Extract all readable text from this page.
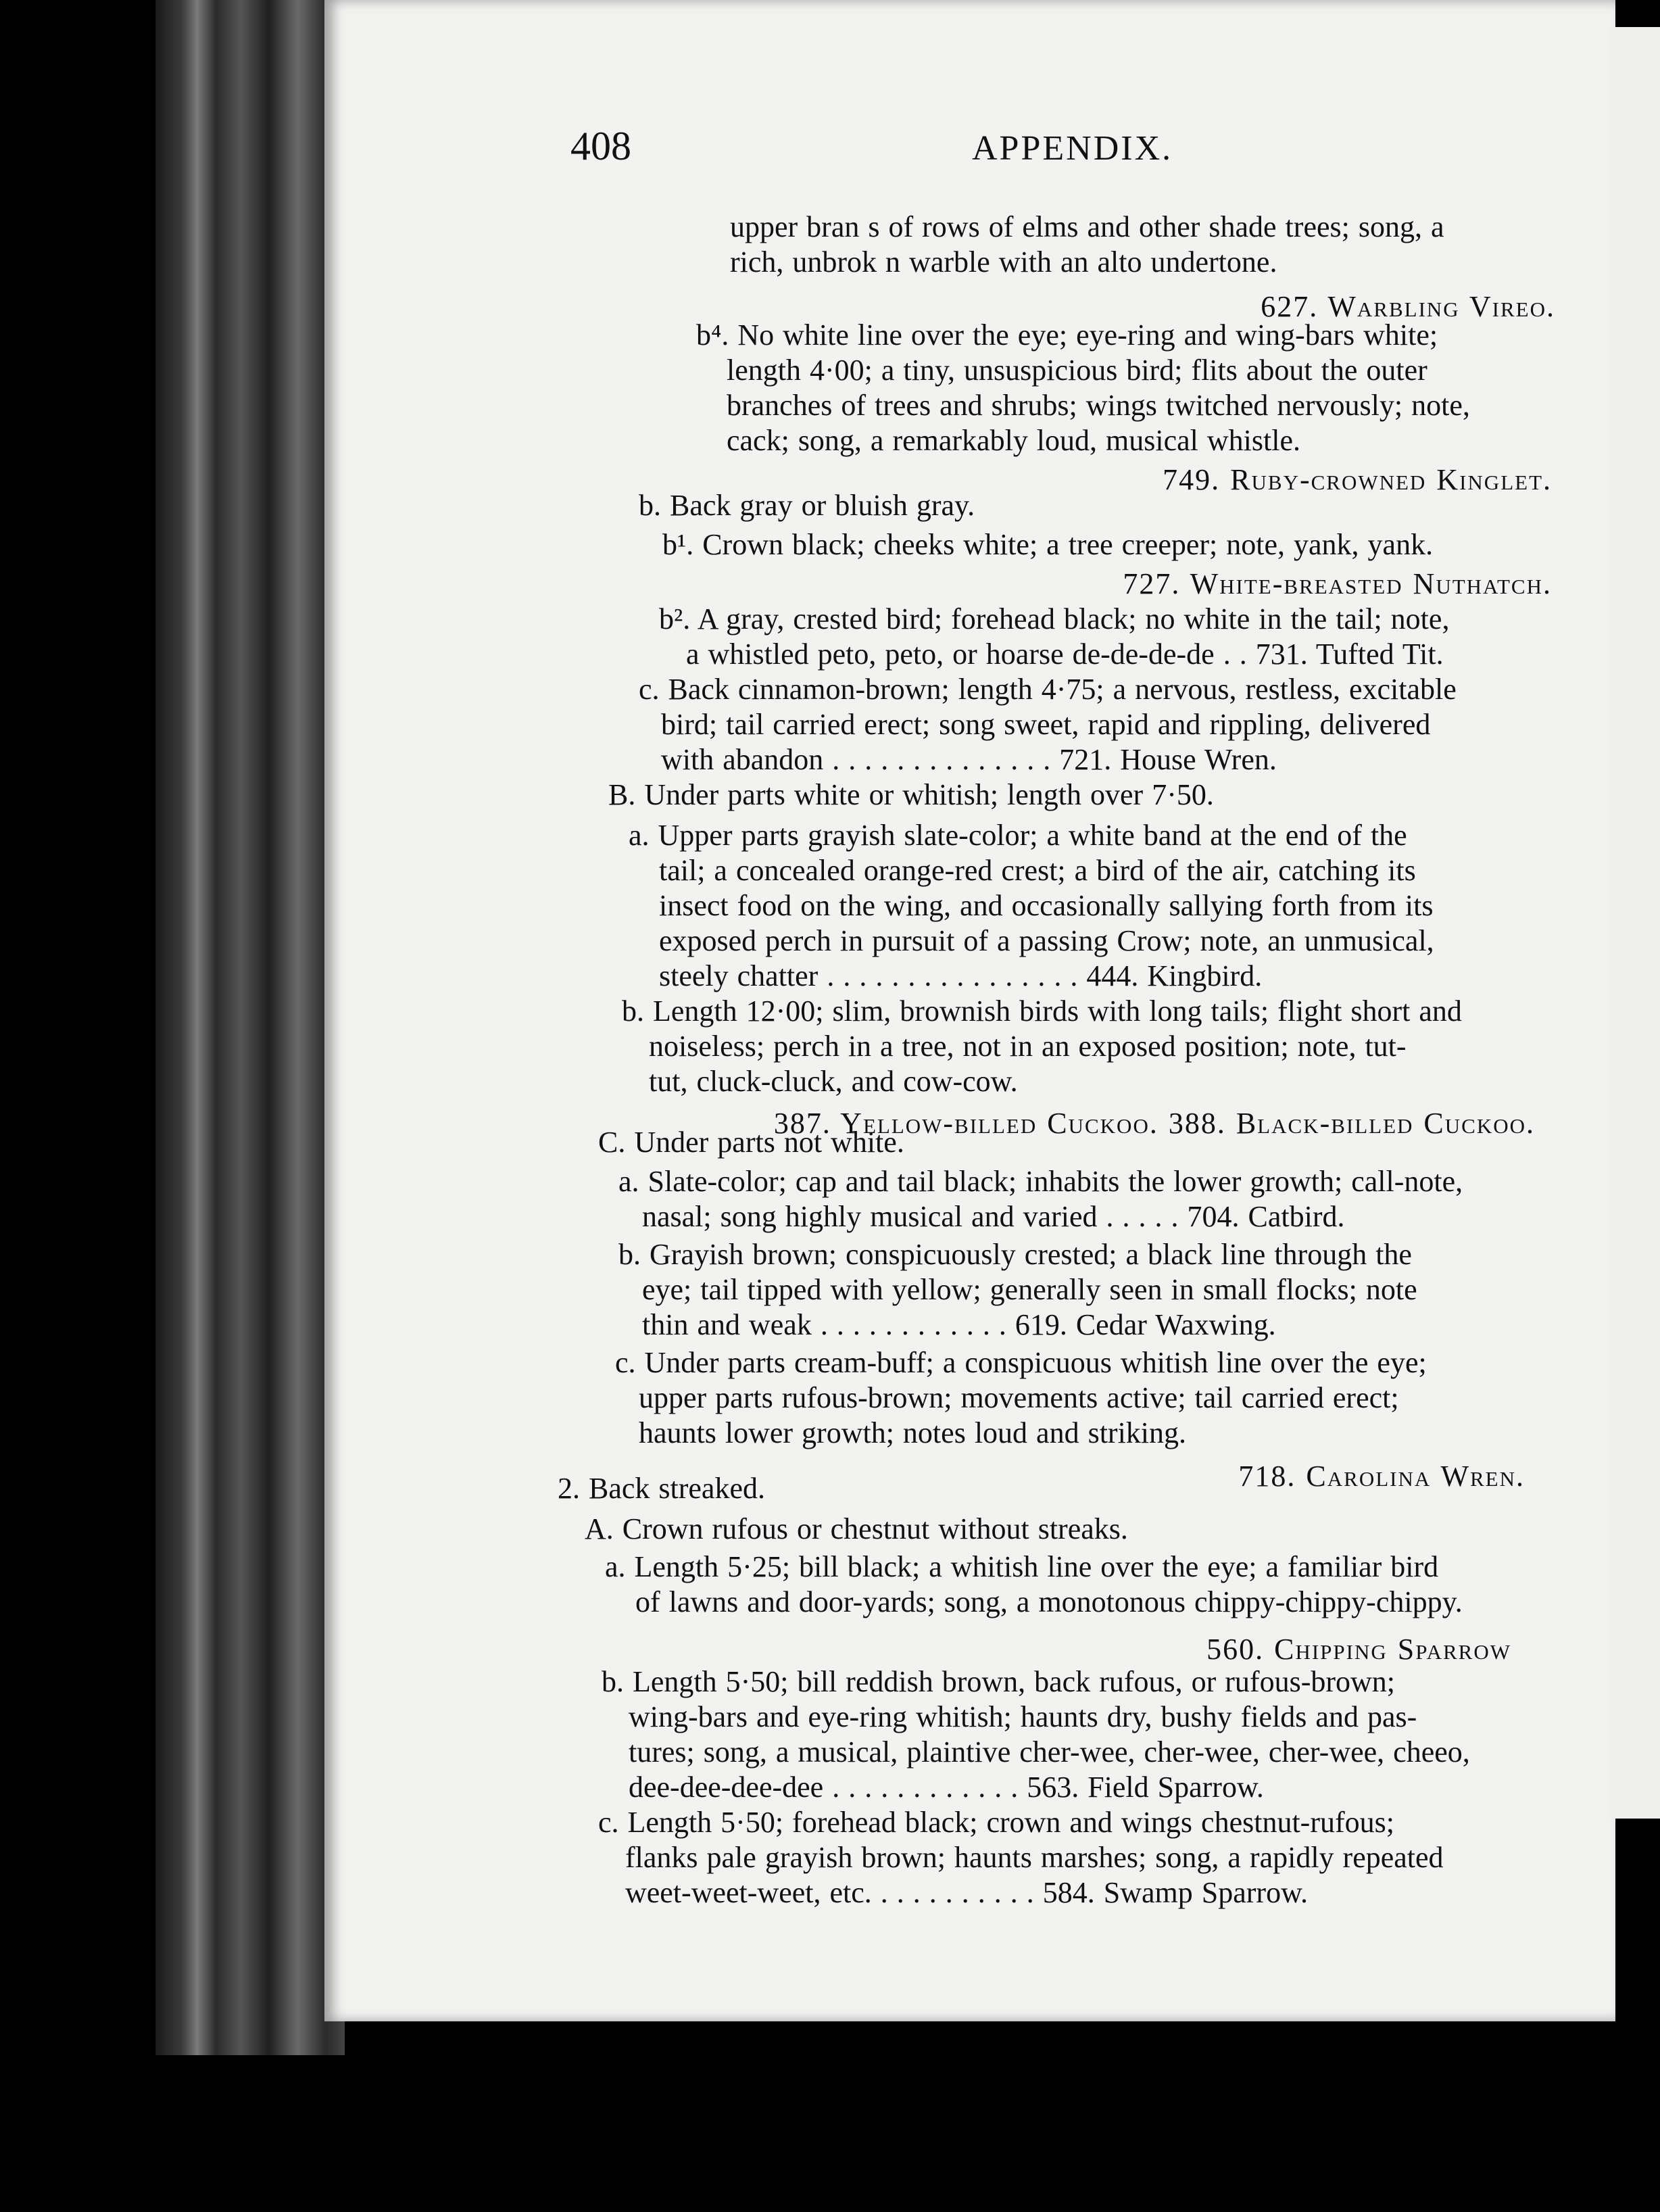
408	APPENDIX.
upper bran s of rows of elms and other shade trees; song, a
rich, unbrok n warble with an alto undertone.
627. Warbling Vireo.
b⁴. No white line over the eye; eye-ring and wing-bars white;
length 4·00; a tiny, unsuspicious bird; flits about the outer
branches of trees and shrubs; wings twitched nervously; note,
cack; song, a remarkably loud, musical whistle.
749. Ruby-crowned Kinglet.
b. Back gray or bluish gray.
b¹. Crown black; cheeks white; a tree creeper; note, yank, yank.
727. White-breasted Nuthatch.
b². A gray, crested bird; forehead black; no white in the tail; note,
a whistled peto, peto, or hoarse de-de-de-de . . 731. Tufted Tit.
c. Back cinnamon-brown; length 4·75; a nervous, restless, excitable
bird; tail carried erect; song sweet, rapid and rippling, delivered
with abandon . . . . . . . . . . . . . . 721. House Wren.
B. Under parts white or whitish; length over 7·50.
a. Upper parts grayish slate-color; a white band at the end of the
tail; a concealed orange-red crest; a bird of the air, catching its
insect food on the wing, and occasionally sallying forth from its
exposed perch in pursuit of a passing Crow; note, an unmusical,
steely chatter . . . . . . . . . . . . . . . . 444. Kingbird.
b. Length 12·00; slim, brownish birds with long tails; flight short and
noiseless; perch in a tree, not in an exposed position; note, tut-
tut, cluck-cluck, and cow-cow.
387. Yellow-billed Cuckoo. 388. Black-billed Cuckoo.
C. Under parts not white.
a. Slate-color; cap and tail black; inhabits the lower growth; call-note,
nasal; song highly musical and varied . . . . . 704. Catbird.
b. Grayish brown; conspicuously crested; a black line through the
eye; tail tipped with yellow; generally seen in small flocks; note
thin and weak . . . . . . . . . . . . 619. Cedar Waxwing.
c. Under parts cream-buff; a conspicuous whitish line over the eye;
upper parts rufous-brown; movements active; tail carried erect;
haunts lower growth; notes loud and striking.
718. Carolina Wren.
2. Back streaked.
A. Crown rufous or chestnut without streaks.
a. Length 5·25; bill black; a whitish line over the eye; a familiar bird
of lawns and door-yards; song, a monotonous chippy-chippy-chippy.
560. Chipping Sparrow
b. Length 5·50; bill reddish brown, back rufous, or rufous-brown;
wing-bars and eye-ring whitish; haunts dry, bushy fields and pas-
tures; song, a musical, plaintive cher-wee, cher-wee, cher-wee, cheeo,
dee-dee-dee-dee . . . . . . . . . . . . 563. Field Sparrow.
c. Length 5·50; forehead black; crown and wings chestnut-rufous;
flanks pale grayish brown; haunts marshes; song, a rapidly repeated
weet-weet-weet, etc. . . . . . . . . . . 584. Swamp Sparrow.
